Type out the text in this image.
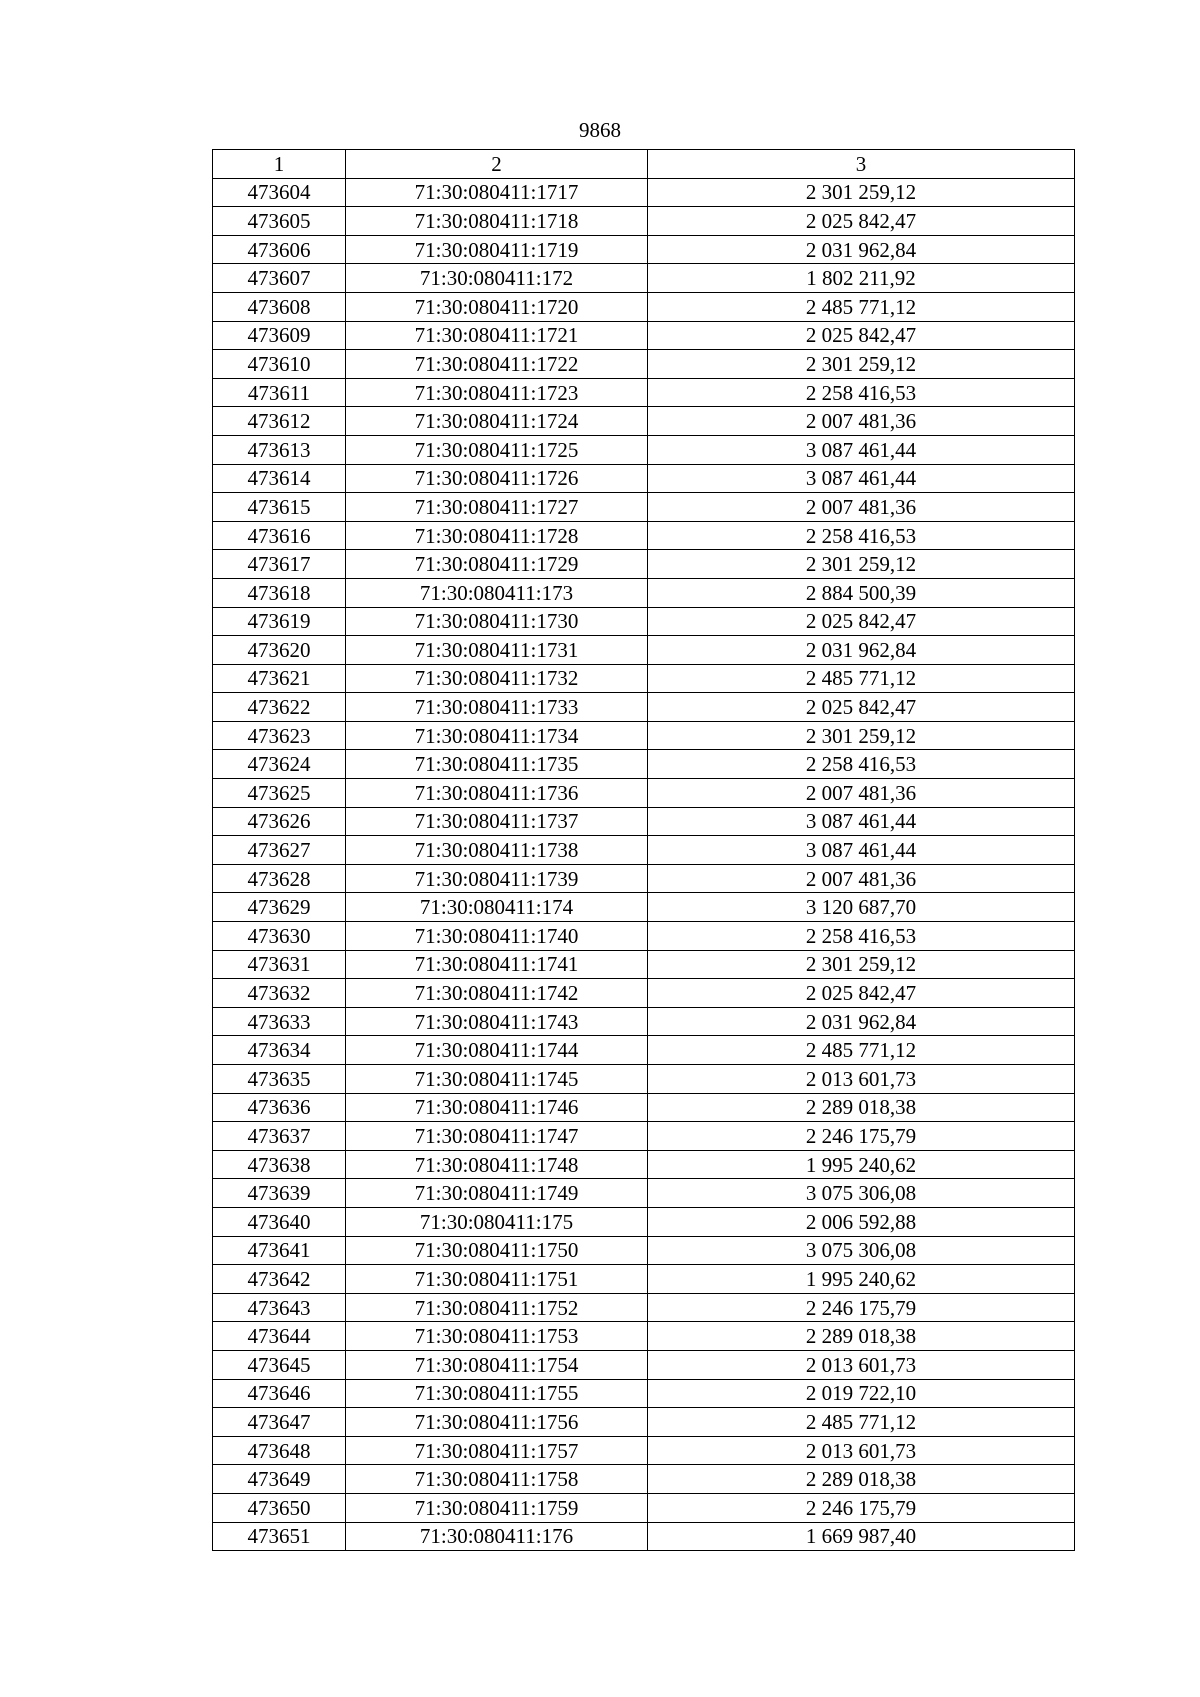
9868
1	2	3
473604	71:30:080411:1717	2 301 259,12
473605	71:30:080411:1718	2 025 842,47
473606	71:30:080411:1719	2 031 962,84
473607	71:30:080411:172	1 802 211,92
473608	71:30:080411:1720	2 485 771,12
473609	71:30:080411:1721	2 025 842,47
473610	71:30:080411:1722	2 301 259,12
473611	71:30:080411:1723	2 258 416,53
473612	71:30:080411:1724	2 007 481,36
473613	71:30:080411:1725	3 087 461,44
473614	71:30:080411:1726	3 087 461,44
473615	71:30:080411:1727	2 007 481,36
473616	71:30:080411:1728	2 258 416,53
473617	71:30:080411:1729	2 301 259,12
473618	71:30:080411:173	2 884 500,39
473619	71:30:080411:1730	2 025 842,47
473620	71:30:080411:1731	2 031 962,84
473621	71:30:080411:1732	2 485 771,12
473622	71:30:080411:1733	2 025 842,47
473623	71:30:080411:1734	2 301 259,12
473624	71:30:080411:1735	2 258 416,53
473625	71:30:080411:1736	2 007 481,36
473626	71:30:080411:1737	3 087 461,44
473627	71:30:080411:1738	3 087 461,44
473628	71:30:080411:1739	2 007 481,36
473629	71:30:080411:174	3 120 687,70
473630	71:30:080411:1740	2 258 416,53
473631	71:30:080411:1741	2 301 259,12
473632	71:30:080411:1742	2 025 842,47
473633	71:30:080411:1743	2 031 962,84
473634	71:30:080411:1744	2 485 771,12
473635	71:30:080411:1745	2 013 601,73
473636	71:30:080411:1746	2 289 018,38
473637	71:30:080411:1747	2 246 175,79
473638	71:30:080411:1748	1 995 240,62
473639	71:30:080411:1749	3 075 306,08
473640	71:30:080411:175	2 006 592,88
473641	71:30:080411:1750	3 075 306,08
473642	71:30:080411:1751	1 995 240,62
473643	71:30:080411:1752	2 246 175,79
473644	71:30:080411:1753	2 289 018,38
473645	71:30:080411:1754	2 013 601,73
473646	71:30:080411:1755	2 019 722,10
473647	71:30:080411:1756	2 485 771,12
473648	71:30:080411:1757	2 013 601,73
473649	71:30:080411:1758	2 289 018,38
473650	71:30:080411:1759	2 246 175,79
473651	71:30:080411:176	1 669 987,40
